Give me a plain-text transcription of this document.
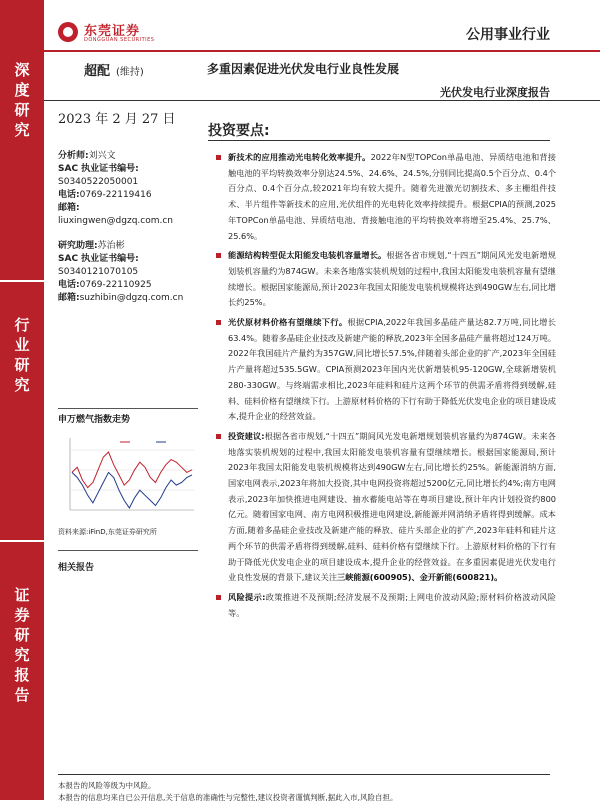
深
度
研
究
行
业
研
究
证
券
研
究
报
告
东莞证券
DONGGUAN SECURITIES	公用事业行业
超配 (维持)	多重因素促进光伏发电行业良性发展
光伏发电行业深度报告
2023 年 2 月 27 日
投资要点:
分析师:刘兴文
SAC 执业证书编号:
S0340522050001
电话:0769-22119416
邮箱:
liuxingwen@dgzq.com.cn
研究助理:苏治彬
SAC 执业证书编号:
S0340121070105
电话:0769-22110925
邮箱:suzhibin@dgzq.com.cn
申万燃气指数走势
资料来源:iFinD,东莞证券研究所
相关报告
新技术的应用推动光电转化效率提升。2022年N型TOPCon单晶电池、异质结电池和背接触电池的平均转换效率分别达24.5%、24.6%、24.5%,分别同比提高0.5个百分点、0.4个百分点、0.4个百分点,较2021年均有较大提升。随着先进激光切割技术、多主栅组件技术、半片组件等新技术的应用,光伏组件的光电转化效率持续提升。根据CPIA的预测,2025年TOPCon单晶电池、异质结电池、背接触电池的平均转换效率将增至25.4%、25.7%、25.6%。
能源结构转型促太阳能发电装机容量增长。根据各省市规划,“十四五”期间风光发电新增规划装机容量约为874GW。未来各地落实装机规划的过程中,我国太阳能发电装机容量有望继续增长。根据国家能源局,预计2023年我国太阳能发电装机规模将达到490GW左右,同比增长约25%。
光伏原材料价格有望继续下行。根据CPIA,2022年我国多晶硅产量达82.7万吨,同比增长63.4%。随着多晶硅企业技改及新建产能的释放,2023年全国多晶硅产量将超过124万吨。2022年我国硅片产量约为357GW,同比增长57.5%,伴随着头部企业的扩产,2023年全国硅片产量将超过535.5GW。CPIA预测2023年国内光伏新增装机95-120GW,全球新增装机280-330GW。与终端需求相比,2023年硅料和硅片这两个环节的供需矛盾将得到缓解,硅料、硅料价格有望继续下行。上游原材料价格的下行有助于降低光伏发电企业的项目建设成本,提升企业的经营效益。
投资建议:根据各省市规划,“十四五”期间风光发电新增规划装机容量约为874GW。未来各地落实装机规划的过程中,我国太阳能发电装机容量有望继续增长。根据国家能源局,预计2023年我国太阳能发电装机规模将达到490GW左右,同比增长约25%。新能源消纳方面,国家电网表示,2023年将加大投资,其中电网投资将超过5200亿元,同比增长约4%;南方电网表示,2023年加快推进电网建设、抽水蓄能电站等在粤项目建设,预计年内计划投资约800亿元。随着国家电网、南方电网积极推进电网建设,新能源并网消纳矛盾将得到缓解。成本方面,随着多晶硅企业技改及新建产能的释放、硅片头部企业的扩产,2023年硅料和硅片这两个环节的供需矛盾将得到缓解,硅料、硅料价格有望继续下行。上游原材料价格的下行有助于降低光伏发电企业的项目建设成本,提升企业的经营效益。在多重因素促进光伏发电行业良性发展的背景下,建议关注三峡能源(600905)、金开新能(600821)。
风险提示:政策推进不及预期;经济发展不及预期;上网电价波动风险;原材料价格波动风险等。
本报告的风险等级为中风险。
本报告的信息均来自已公开信息,关于信息的准确性与完整性,建议投资者谨慎判断,据此入市,风险自担。
